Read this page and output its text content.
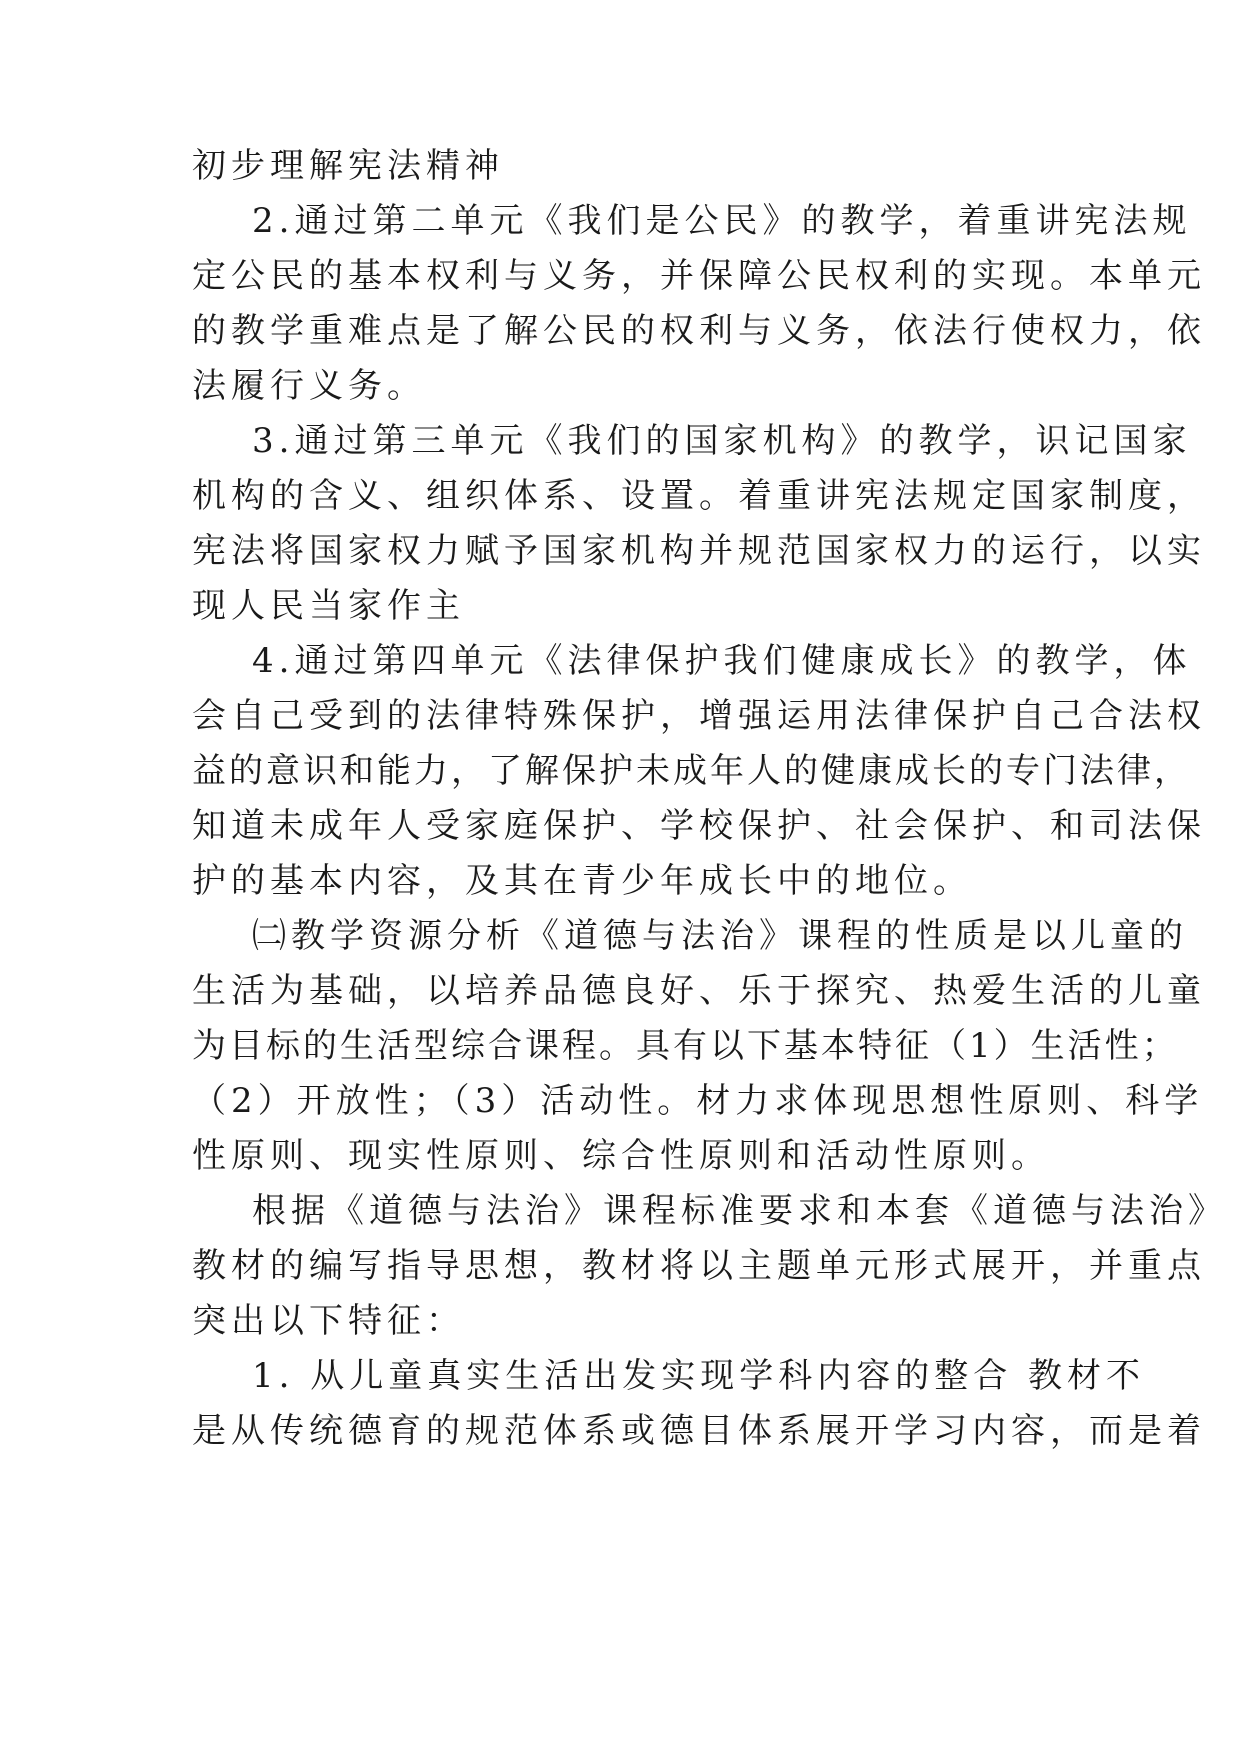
初步理解宪法精神
2.通过第二单元《我们是公民》的教学，着重讲宪法规
定公民的基本权利与义务，并保障公民权利的实现。本单元
的教学重难点是了解公民的权利与义务，依法行使权力，依
法履行义务。
3.通过第三单元《我们的国家机构》的教学，识记国家
机构的含义、组织体系、设置。着重讲宪法规定国家制度，
宪法将国家权力赋予国家机构并规范国家权力的运行，以实
现人民当家作主
4.通过第四单元《法律保护我们健康成长》的教学，体
会自己受到的法律特殊保护，增强运用法律保护自己合法权
益的意识和能力，了解保护未成年人的健康成长的专门法律，
知道未成年人受家庭保护、学校保护、社会保护、和司法保
护的基本内容，及其在青少年成长中的地位。
㈡教学资源分析《道德与法治》课程的性质是以儿童的
生活为基础，以培养品德良好、乐于探究、热爱生活的儿童
为目标的生活型综合课程。具有以下基本特征（1）生活性；
（2）开放性；（3）活动性。材力求体现思想性原则、科学
性原则、现实性原则、综合性原则和活动性原则。
根据《道德与法治》课程标准要求和本套《道德与法治》
教材的编写指导思想，教材将以主题单元形式展开，并重点
突出以下特征：
1. 从儿童真实生活出发实现学科内容的整合 教材不
是从传统德育的规范体系或德目体系展开学习内容，而是着
